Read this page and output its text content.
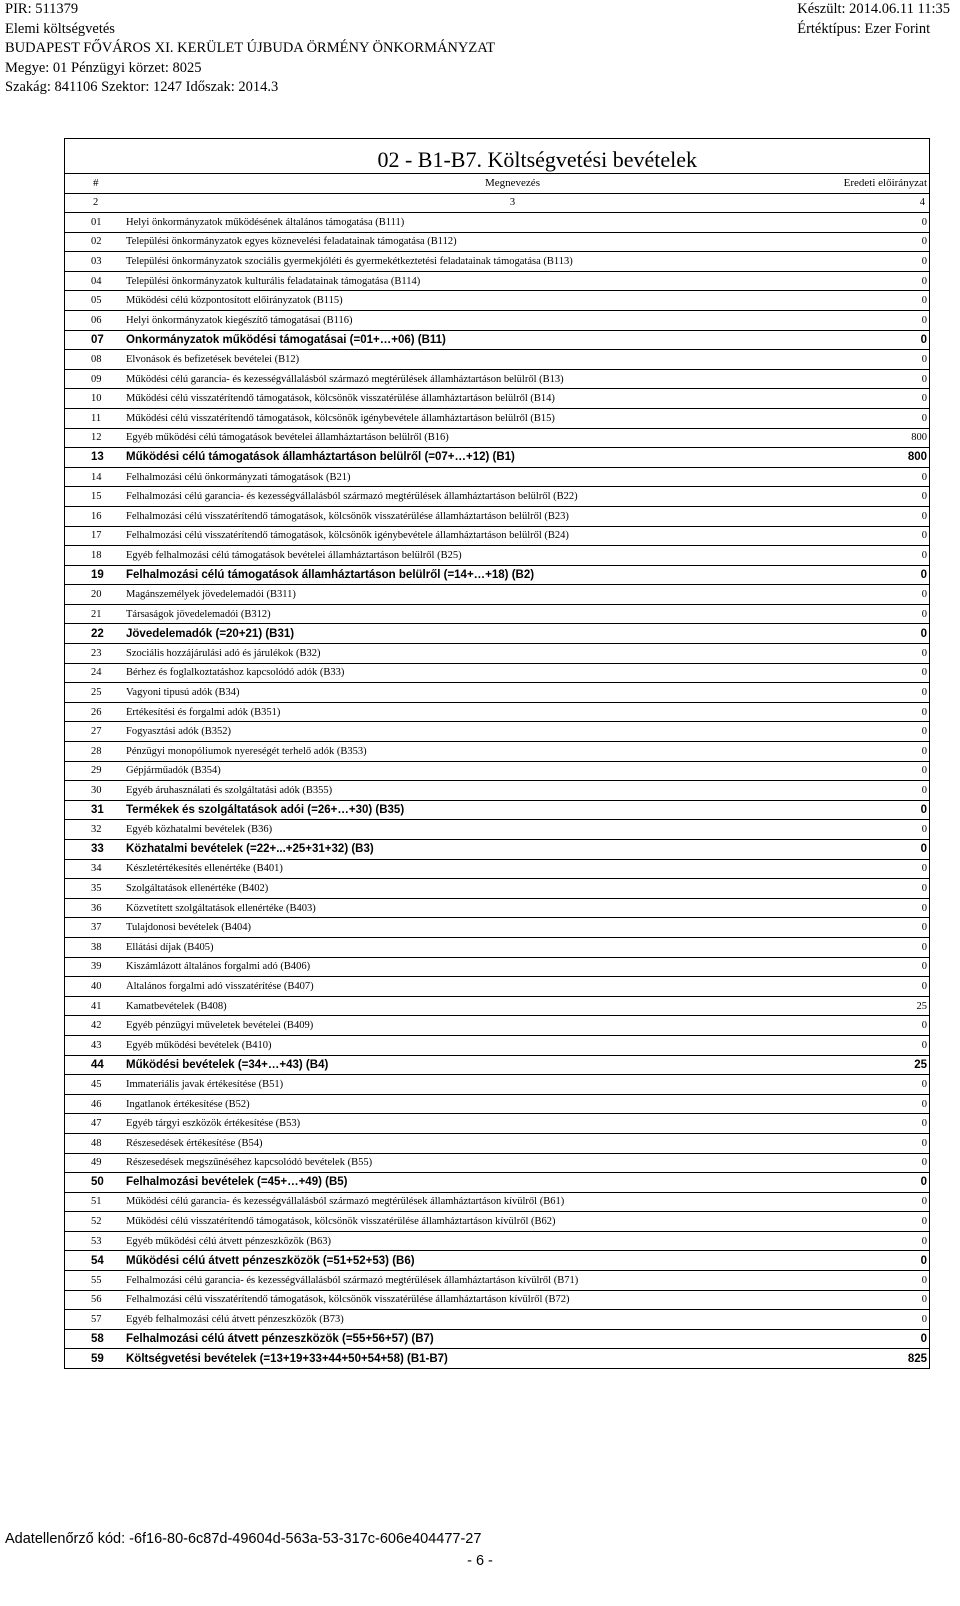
PIR: 511379
Elemi költségvetés
BUDAPEST FŐVÁROS XI. KERÜLET ÚJBUDA ÖRMÉNY ÖNKORMÁNYZAT
Megye: 01 Pénzügyi körzet: 8025
Szakág: 841106 Szektor: 1247 Időszak: 2014.3
Készült: 2014.06.11 11:35
Értéktípus: Ezer Forint
02 - B1-B7. Költségvetési bevételek
#	Megnevezés	Eredeti előirányzat
2	3	4
01	Helyi önkormányzatok működésének általános támogatása (B111)	0
02	Települési önkormányzatok egyes köznevelési feladatainak támogatása (B112)	0
03	Települési önkormányzatok szociális gyermekjóléti és gyermekétkeztetési feladatainak támogatása (B113)	0
04	Települési önkormányzatok kulturális feladatainak támogatása (B114)	0
05	Működési célú központosított előirányzatok (B115)	0
06	Helyi önkormányzatok kiegészítő támogatásai (B116)	0
07	Önkormányzatok működési támogatásai (=01+…+06) (B11)	0
08	Elvonások és befizetések bevételei (B12)	0
09	Működési célú garancia- és kezességvállalásból származó megtérülések államháztartáson belülről (B13)	0
10	Működési célú visszatérítendő támogatások, kölcsönök visszatérülése államháztartáson belülről (B14)	0
11	Működési célú visszatérítendő támogatások, kölcsönök igénybevétele államháztartáson belülről (B15)	0
12	Egyéb működési célú támogatások bevételei államháztartáson belülről (B16)	800
13	Működési célú támogatások államháztartáson belülről (=07+…+12) (B1)	800
14	Felhalmozási célú önkormányzati támogatások (B21)	0
15	Felhalmozási célú garancia- és kezességvállalásból származó megtérülések államháztartáson belülről (B22)	0
16	Felhalmozási célú visszatérítendő támogatások, kölcsönök visszatérülése államháztartáson belülről (B23)	0
17	Felhalmozási célú visszatérítendő támogatások, kölcsönök igénybevétele államháztartáson belülről (B24)	0
18	Egyéb felhalmozási célú támogatások bevételei államháztartáson belülről (B25)	0
19	Felhalmozási célú támogatások államháztartáson belülről (=14+…+18) (B2)	0
20	Magánszemélyek jövedelemadói (B311)	0
21	Társaságok jövedelemadói (B312)	0
22	Jövedelemadók (=20+21) (B31)	0
23	Szociális hozzájárulási adó és járulékok (B32)	0
24	Bérhez és foglalkoztatáshoz kapcsolódó adók (B33)	0
25	Vagyoni tipusú adók (B34)	0
26	Értékesítési és forgalmi adók (B351)	0
27	Fogyasztási adók (B352)	0
28	Pénzügyi monopóliumok nyereségét terhelő adók (B353)	0
29	Gépjárműadók (B354)	0
30	Egyéb áruhasználati és szolgáltatási adók (B355)	0
31	Termékek és szolgáltatások adói (=26+…+30) (B35)	0
32	Egyéb közhatalmi bevételek (B36)	0
33	Közhatalmi bevételek (=22+...+25+31+32) (B3)	0
34	Készletértékesítés ellenértéke (B401)	0
35	Szolgáltatások ellenértéke (B402)	0
36	Közvetített szolgáltatások ellenértéke (B403)	0
37	Tulajdonosi bevételek (B404)	0
38	Ellátási díjak (B405)	0
39	Kiszámlázott általános forgalmi adó (B406)	0
40	Általános forgalmi adó visszatérítése (B407)	0
41	Kamatbevételek (B408)	25
42	Egyéb pénzügyi műveletek bevételei (B409)	0
43	Egyéb működési bevételek (B410)	0
44	Működési bevételek (=34+…+43) (B4)	25
45	Immateriális javak értékesítése (B51)	0
46	Ingatlanok értékesítése (B52)	0
47	Egyéb tárgyi eszközök értékesítése (B53)	0
48	Részesedések értékesítése (B54)	0
49	Részesedések megszűnéséhez kapcsolódó bevételek (B55)	0
50	Felhalmozási bevételek (=45+…+49) (B5)	0
51	Működési célú garancia- és kezességvállalásból származó megtérülések államháztartáson kívülről (B61)	0
52	Működési célú visszatérítendő támogatások, kölcsönök visszatérülése államháztartáson kívülről (B62)	0
53	Egyéb működési célú átvett pénzeszközök (B63)	0
54	Működési célú átvett pénzeszközök (=51+52+53) (B6)	0
55	Felhalmozási célú garancia- és kezességvállalásból származó megtérülések államháztartáson kívülről (B71)	0
56	Felhalmozási célú visszatérítendő támogatások, kölcsönök visszatérülése államháztartáson kívülről (B72)	0
57	Egyéb felhalmozási célú átvett pénzeszközök (B73)	0
58	Felhalmozási célú átvett pénzeszközök (=55+56+57) (B7)	0
59	Költségvetési bevételek (=13+19+33+44+50+54+58) (B1-B7)	825
Adatellenőrző kód: -6f16-80-6c87d-49604d-563a-53-317c-606e404477-27
- 6 -
